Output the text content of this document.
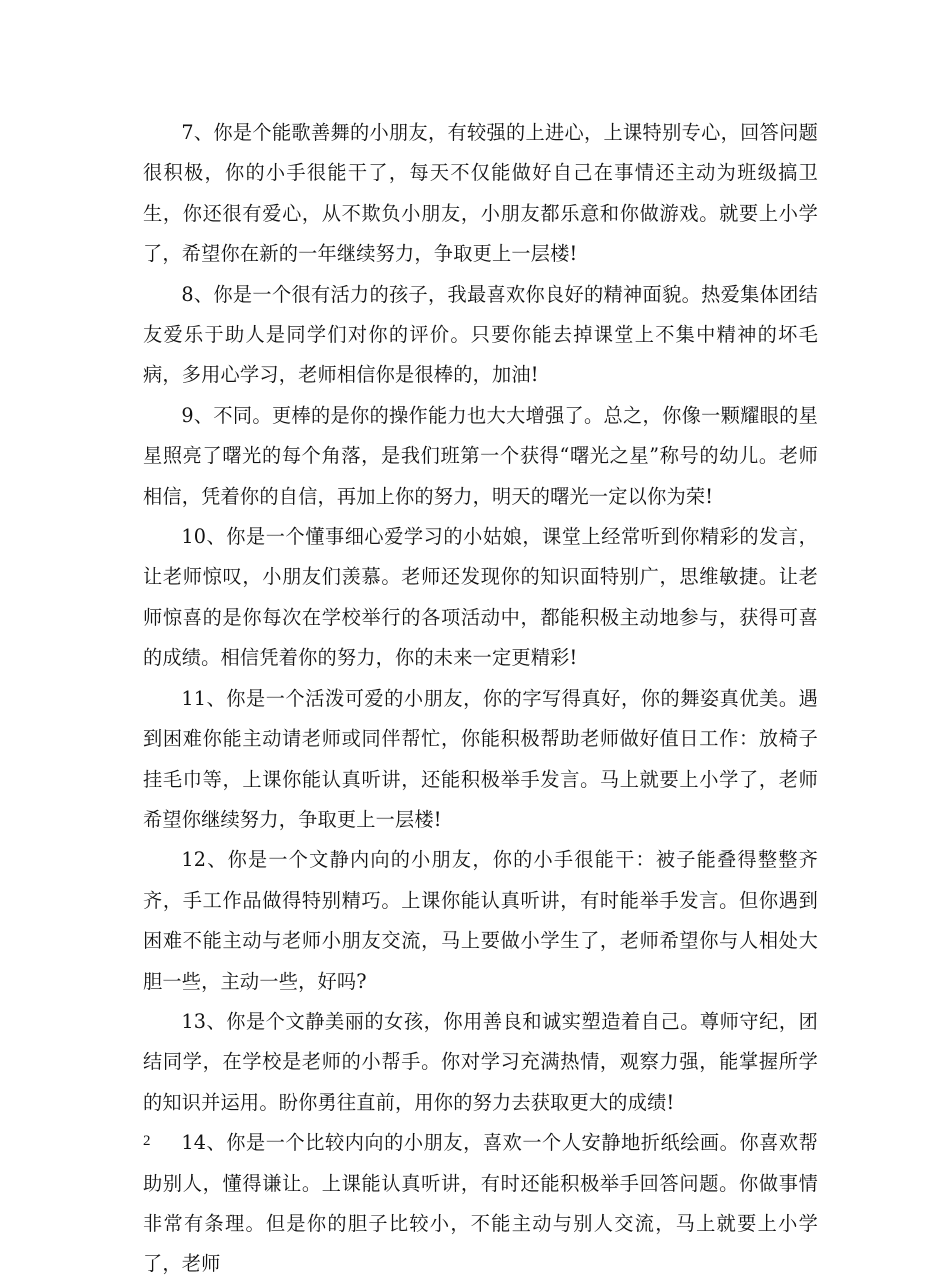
7、你是个能歌善舞的小朋友，有较强的上进心，上课特别专心，回答问题很积极，你的小手很能干了，每天不仅能做好自己在事情还主动为班级搞卫生，你还很有爱心，从不欺负小朋友，小朋友都乐意和你做游戏。就要上小学了，希望你在新的一年继续努力，争取更上一层楼!

8、你是一个很有活力的孩子，我最喜欢你良好的精神面貌。热爱集体团结友爱乐于助人是同学们对你的评价。只要你能去掉课堂上不集中精神的坏毛病，多用心学习，老师相信你是很棒的，加油!

9、不同。更棒的是你的操作能力也大大增强了。总之，你像一颗耀眼的星星照亮了曙光的每个角落，是我们班第一个获得“曙光之星”称号的幼儿。老师相信，凭着你的自信，再加上你的努力，明天的曙光一定以你为荣!

10、你是一个懂事细心爱学习的小姑娘，课堂上经常听到你精彩的发言，让老师惊叹，小朋友们羡慕。老师还发现你的知识面特别广，思维敏捷。让老师惊喜的是你每次在学校举行的各项活动中，都能积极主动地参与，获得可喜的成绩。相信凭着你的努力，你的未来一定更精彩!

11、你是一个活泼可爱的小朋友，你的字写得真好，你的舞姿真优美。遇到困难你能主动请老师或同伴帮忙，你能积极帮助老师做好值日工作：放椅子挂毛巾等，上课你能认真听讲，还能积极举手发言。马上就要上小学了，老师希望你继续努力，争取更上一层楼!

12、你是一个文静内向的小朋友，你的小手很能干：被子能叠得整整齐齐，手工作品做得特别精巧。上课你能认真听讲，有时能举手发言。但你遇到困难不能主动与老师小朋友交流，马上要做小学生了，老师希望你与人相处大胆一些，主动一些，好吗?

13、你是个文静美丽的女孩，你用善良和诚实塑造着自己。尊师守纪，团结同学，在学校是老师的小帮手。你对学习充满热情，观察力强，能掌握所学的知识并运用。盼你勇往直前，用你的努力去获取更大的成绩!

14、你是一个比较内向的小朋友，喜欢一个人安静地折纸绘画。你喜欢帮助别人，懂得谦让。上课能认真听讲，有时还能积极举手回答问题。你做事情非常有条理。但是你的胆子比较小，不能主动与别人交流，马上就要上小学了，老师

2
